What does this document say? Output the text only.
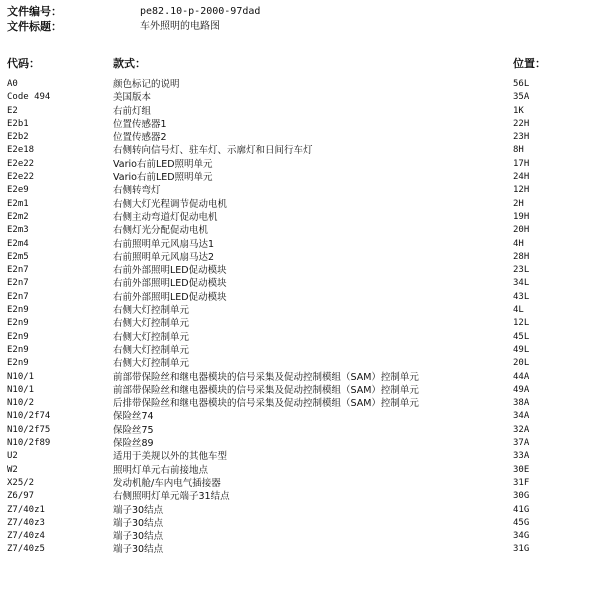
文件编号：	pe82.10-p-2000-97dad
文件标题：	车外照明的电路图
代码：	款式：	位置：
A0	颜色标记的说明	56L
Code 494	美国版本	35A
E2	右前灯组	1K
E2b1	位置传感器1	22H
E2b2	位置传感器2	23H
E2e18	右侧转向信号灯、驻车灯、示廓灯和日间行车灯	8H
E2e22	Vario右前LED照明单元	17H
E2e22	Vario右前LED照明单元	24H
E2e9	右侧转弯灯	12H
E2m1	右侧大灯光程调节促动电机	2H
E2m2	右侧主动弯道灯促动电机	19H
E2m3	右侧灯光分配促动电机	20H
E2m4	右前照明单元风扇马达1	4H
E2m5	右前照明单元风扇马达2	28H
E2n7	右前外部照明LED促动模块	23L
E2n7	右前外部照明LED促动模块	34L
E2n7	右前外部照明LED促动模块	43L
E2n9	右侧大灯控制单元	4L
E2n9	右侧大灯控制单元	12L
E2n9	右侧大灯控制单元	45L
E2n9	右侧大灯控制单元	49L
E2n9	右侧大灯控制单元	20L
N10/1	前部带保险丝和继电器模块的信号采集及促动控制模组（SAM）控制单元	44A
N10/1	前部带保险丝和继电器模块的信号采集及促动控制模组（SAM）控制单元	49A
N10/2	后排带保险丝和继电器模块的信号采集及促动控制模组（SAM）控制单元	38A
N10/2f74	保险丝74	34A
N10/2f75	保险丝75	32A
N10/2f89	保险丝89	37A
U2	适用于美规以外的其他车型	33A
W2	照明灯单元右前接地点	30E
X25/2	发动机舱/车内电气插接器	31F
Z6/97	右侧照明灯单元端子31结点	30G
Z7/40z1	端子30结点	41G
Z7/40z3	端子30结点	45G
Z7/40z4	端子30结点	34G
Z7/40z5	端子30结点	31G
